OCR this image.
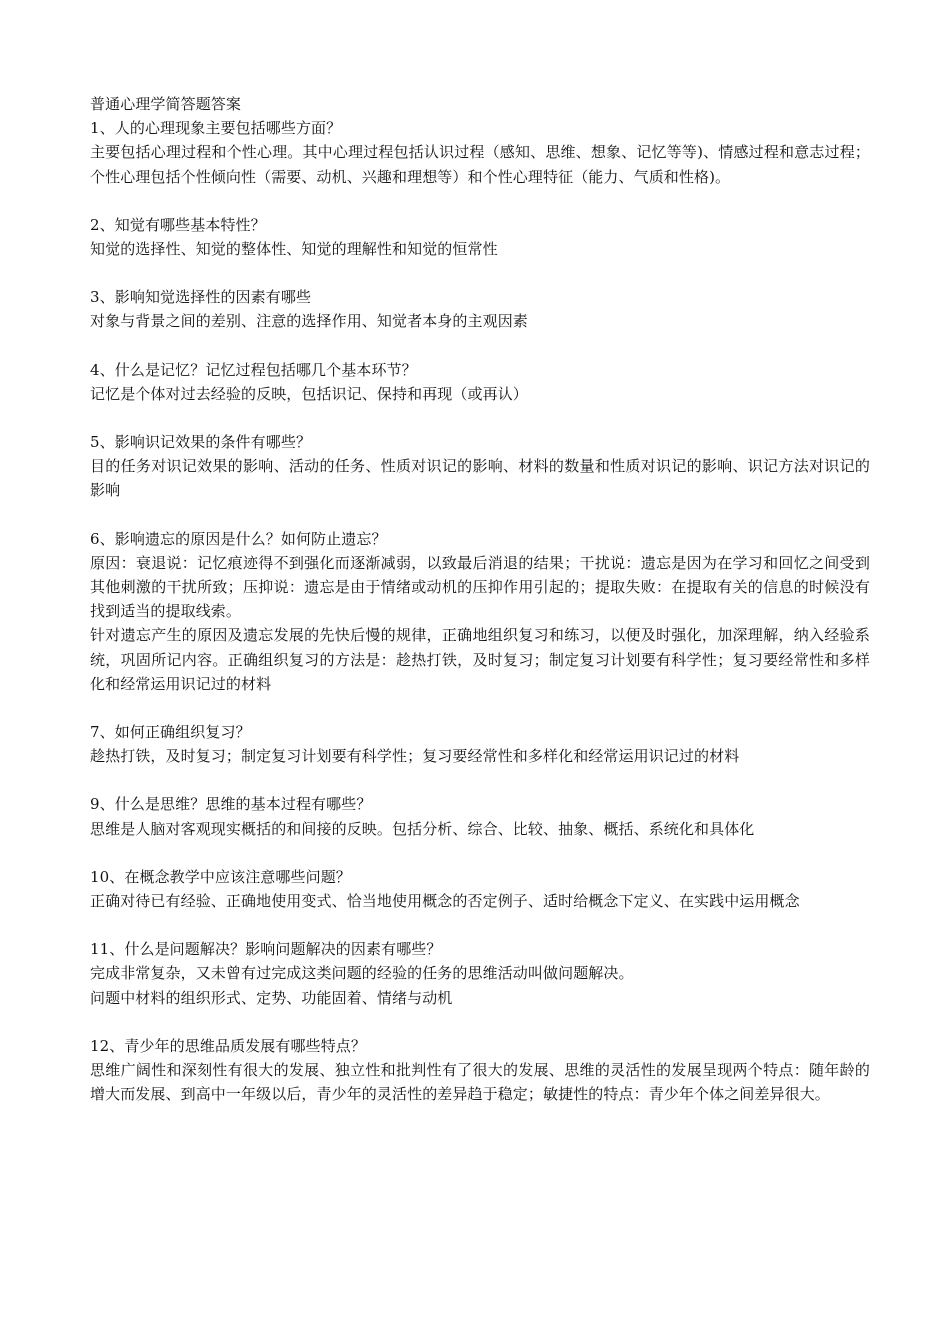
普通心理学简答题答案

1、人的心理现象主要包括哪些方面？

主要包括心理过程和个性心理。其中心理过程包括认识过程（感知、思维、想象、记忆等等)、情感过程和意志过程；个性心理包括个性倾向性（需要、动机、兴趣和理想等）和个性心理特征（能力、气质和性格)。

2、知觉有哪些基本特性？

知觉的选择性、知觉的整体性、知觉的理解性和知觉的恒常性

3、影响知觉选择性的因素有哪些

对象与背景之间的差别、注意的选择作用、知觉者本身的主观因素

4、什么是记忆？记忆过程包括哪几个基本环节？

记忆是个体对过去经验的反映，包括识记、保持和再现（或再认）

5、影响识记效果的条件有哪些？

目的任务对识记效果的影响、活动的任务、性质对识记的影响、材料的数量和性质对识记的影响、识记方法对识记的影响

6、影响遗忘的原因是什么？如何防止遗忘？

原因：衰退说：记忆痕迹得不到强化而逐渐减弱，以致最后消退的结果；干扰说：遗忘是因为在学习和回忆之间受到其他刺激的干扰所致；压抑说：遗忘是由于情绪或动机的压抑作用引起的；提取失败：在提取有关的信息的时候没有找到适当的提取线索。
针对遗忘产生的原因及遗忘发展的先快后慢的规律，正确地组织复习和练习，以便及时强化，加深理解，纳入经验系统，巩固所记内容。正确组织复习的方法是：趁热打铁，及时复习；制定复习计划要有科学性；复习要经常性和多样化和经常运用识记过的材料

7、如何正确组织复习？

趁热打铁，及时复习；制定复习计划要有科学性；复习要经常性和多样化和经常运用识记过的材料

9、什么是思维？思维的基本过程有哪些？

思维是人脑对客观现实概括的和间接的反映。包括分析、综合、比较、抽象、概括、系统化和具体化

10、在概念教学中应该注意哪些问题？

正确对待已有经验、正确地使用变式、恰当地使用概念的否定例子、适时给概念下定义、在实践中运用概念

11、什么是问题解决？影响问题解决的因素有哪些？

完成非常复杂，又未曾有过完成这类问题的经验的任务的思维活动叫做问题解决。
问题中材料的组织形式、定势、功能固着、情绪与动机

12、青少年的思维品质发展有哪些特点？

思维广阔性和深刻性有很大的发展、独立性和批判性有了很大的发展、思维的灵活性的发展呈现两个特点：随年龄的增大而发展、到高中一年级以后，青少年的灵活性的差异趋于稳定；敏捷性的特点：青少年个体之间差异很大。
